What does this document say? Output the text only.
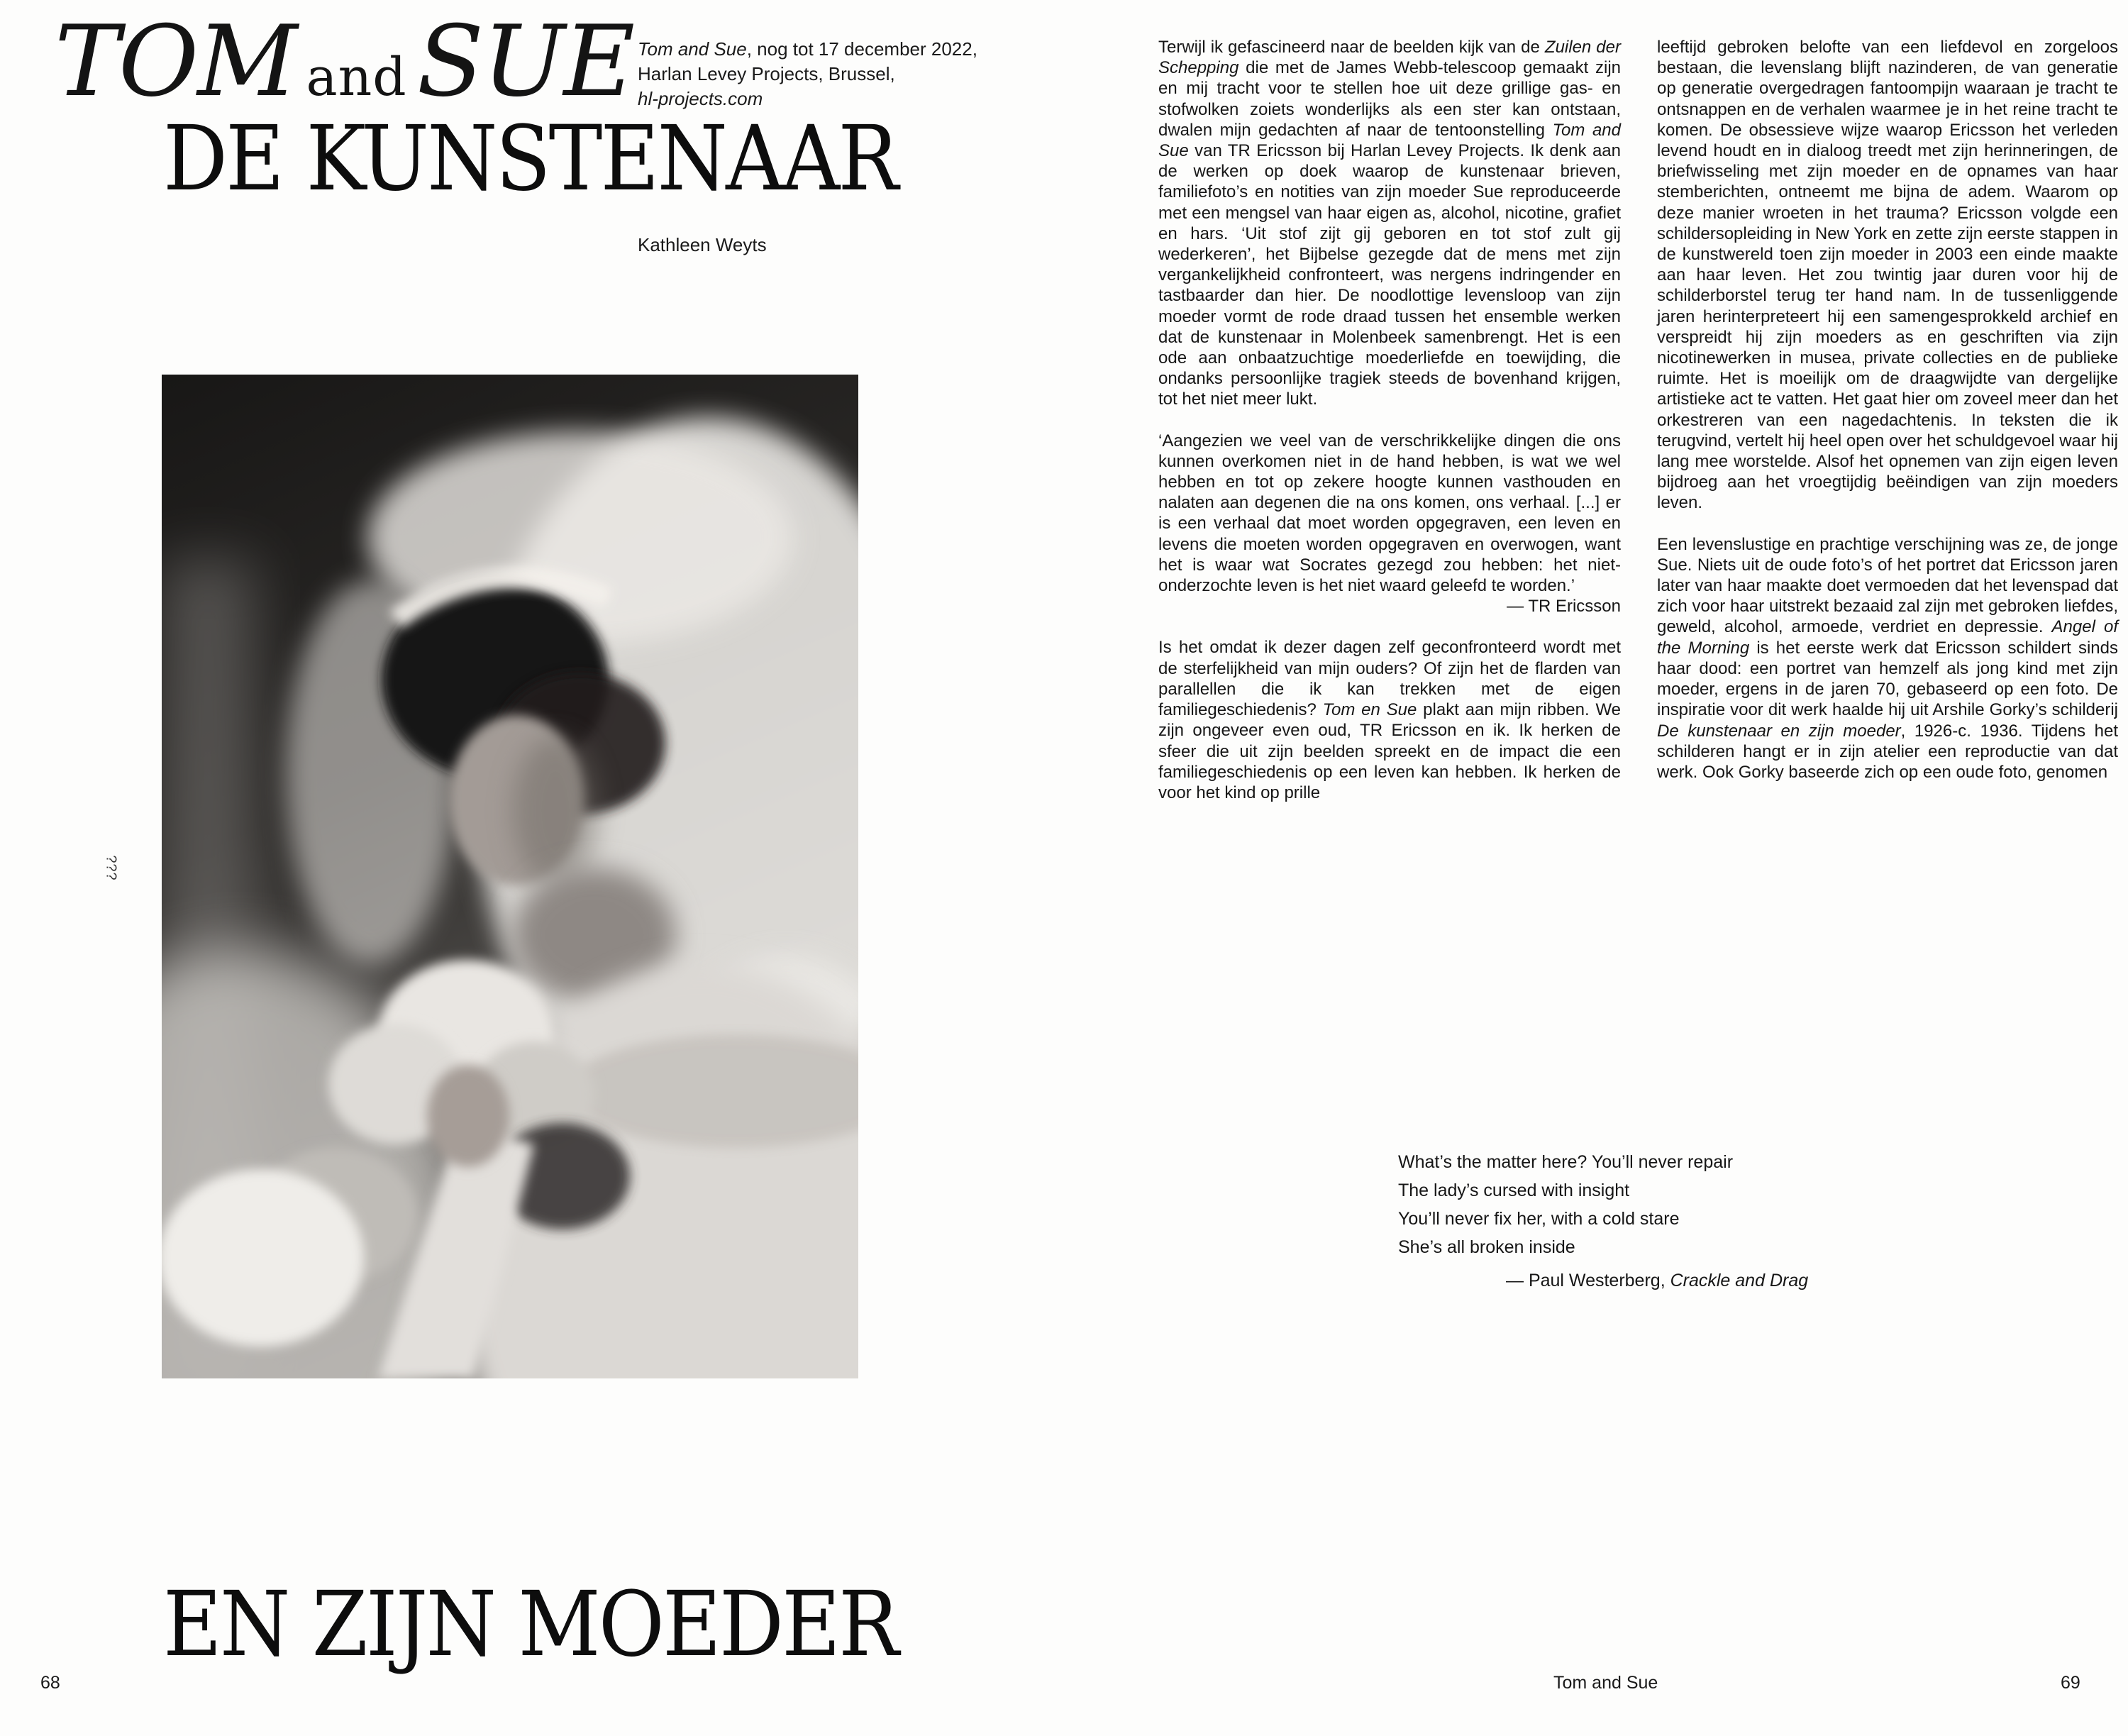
TOM and SUE
DE KUNSTENAAR
Tom and Sue, nog tot 17 december 2022,
Harlan Levey Projects, Brussel,
hl-projects.com
Kathleen Weyts
???
EN ZIJN MOEDER

Terwijl ik gefascineerd naar de beelden kijk van de Zuilen der Schepping die met de James Webb-telescoop gemaakt zijn en mij tracht voor te stellen hoe uit deze grillige gas- en stofwolken zoiets wonderlijks als een ster kan ontstaan, dwalen mijn gedachten af naar de tentoonstelling Tom and Sue van TR Ericsson bij Harlan Levey Projects. Ik denk aan de werken op doek waarop de kunstenaar brieven, familiefoto’s en notities van zijn moeder Sue reproduceerde met een mengsel van haar eigen as, alcohol, nicotine, grafiet en hars. ‘Uit stof zijt gij geboren en tot stof zult gij wederkeren’, het Bijbelse gezegde dat de mens met zijn vergankelijkheid confronteert, was nergens indringender en tastbaarder dan hier. De noodlottige levensloop van zijn moeder vormt de rode draad tussen het ensemble werken dat de kunstenaar in Molenbeek samenbrengt. Het is een ode aan onbaatzuchtige moederliefde en toewijding, die ondanks persoonlijke tragiek steeds de bovenhand krijgen, tot het niet meer lukt.

‘Aangezien we veel van de verschrikkelijke dingen die ons kunnen overkomen niet in de hand hebben, is wat we wel hebben en tot op zekere hoogte kunnen vasthouden en nalaten aan degenen die na ons komen, ons verhaal. [...] er is een verhaal dat moet worden opgegraven, een leven en levens die moeten worden opgegraven en overwogen, want het is waar wat Socrates gezegd zou hebben: het niet-onderzochte leven is het niet waard geleefd te worden.’

— TR Ericsson

Is het omdat ik dezer dagen zelf geconfronteerd wordt met de sterfelijkheid van mijn ouders? Of zijn het de flarden van parallellen die ik kan trekken met de eigen familiegeschiedenis? Tom en Sue plakt aan mijn ribben. We zijn ongeveer even oud, TR Ericsson en ik. Ik herken de sfeer die uit zijn beelden spreekt en de impact die een familiegeschiedenis op een leven kan hebben. Ik herken de voor het kind op prille

leeftijd gebroken belofte van een liefdevol en zorgeloos bestaan, die levenslang blijft nazinderen, de van generatie op generatie overgedragen fantoompijn waaraan je tracht te ontsnappen en de verhalen waarmee je in het reine tracht te komen. De obsessieve wijze waarop Ericsson het verleden levend houdt en in dialoog treedt met zijn herinneringen, de briefwisseling met zijn moeder en de opnames van haar stemberichten, ontneemt me bijna de adem. Waarom op deze manier wroeten in het trauma? Ericsson volgde een schildersopleiding in New York en zette zijn eerste stappen in de kunstwereld toen zijn moeder in 2003 een einde maakte aan haar leven. Het zou twintig jaar duren voor hij de schilderborstel terug ter hand nam. In de tussenliggende jaren herinterpreteert hij een samengesprokkeld archief en verspreidt hij zijn moeders as en geschriften via zijn nicotinewerken in musea, private collecties en de publieke ruimte. Het is moeilijk om de draagwijdte van dergelijke artistieke act te vatten. Het gaat hier om zoveel meer dan het orkestreren van een nagedachtenis. In teksten die ik terugvind, vertelt hij heel open over het schuldgevoel waar hij lang mee worstelde. Alsof het opnemen van zijn eigen leven bijdroeg aan het vroegtijdig beëindigen van zijn moeders leven.

Een levenslustige en prachtige verschijning was ze, de jonge Sue. Niets uit de oude foto’s of het portret dat Ericsson jaren later van haar maakte doet vermoeden dat het levenspad dat zich voor haar uitstrekt bezaaid zal zijn met gebroken liefdes, geweld, alcohol, armoede, verdriet en depressie. Angel of the Morning is het eerste werk dat Ericsson schildert sinds haar dood: een portret van hemzelf als jong kind met zijn moeder, ergens in de jaren 70, gebaseerd op een foto. De inspiratie voor dit werk haalde hij uit Arshile Gorky’s schilderij De kunstenaar en zijn moeder, 1926-c. 1936. Tijdens het schilderen hangt er in zijn atelier een reproductie van dat werk. Ook Gorky baseerde zich op een oude foto, genomen

What’s the matter here? You’ll never repair
The lady’s cursed with insight
You’ll never fix her, with a cold stare
She’s all broken inside
— Paul Westerberg, Crackle and Drag
68	Tom and Sue	69
